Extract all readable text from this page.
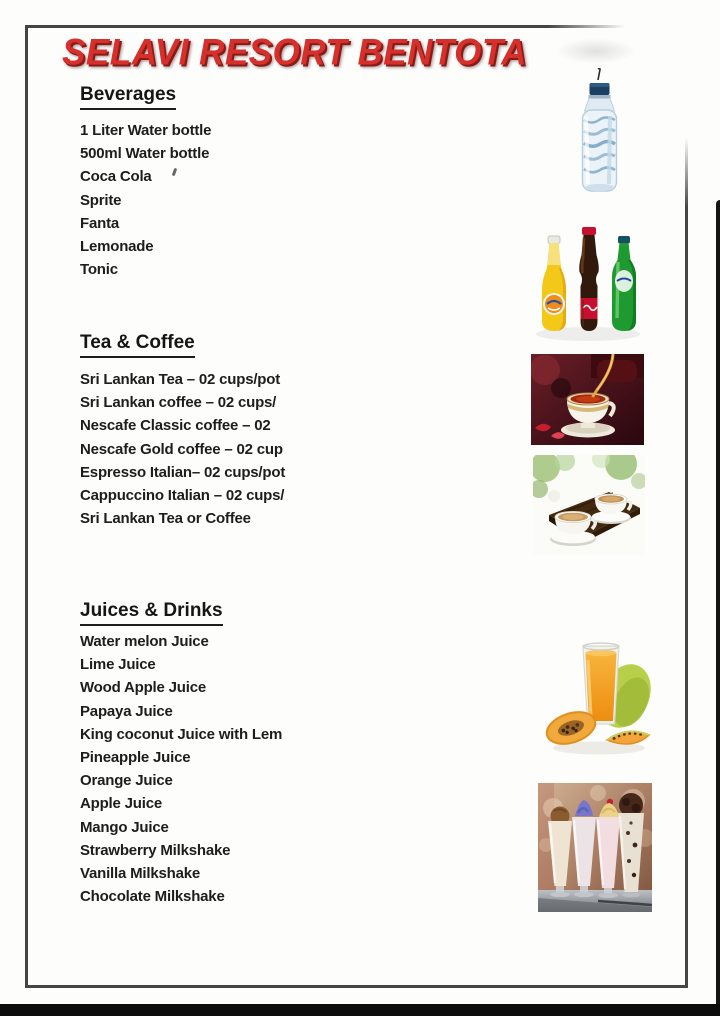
SELAVI RESORT BENTOTA
Beverages
1 Liter Water bottle
500ml Water bottle
Coca Cola
Sprite
Fanta
Lemonade
Tonic
Tea & Coffee
Sri Lankan Tea – 02 cups/pot
Sri Lankan coffee – 02 cups/
Nescafe Classic coffee – 02
Nescafe Gold coffee – 02 cup
Espresso Italian– 02 cups/pot
Cappuccino Italian – 02 cups/
Sri Lankan Tea or Coffee
Juices & Drinks
Water melon Juice
Lime Juice
Wood Apple Juice
Papaya Juice
King coconut Juice with Lem
Pineapple Juice
Orange Juice
Apple Juice
Mango Juice
Strawberry Milkshake
Vanilla Milkshake
Chocolate Milkshake
